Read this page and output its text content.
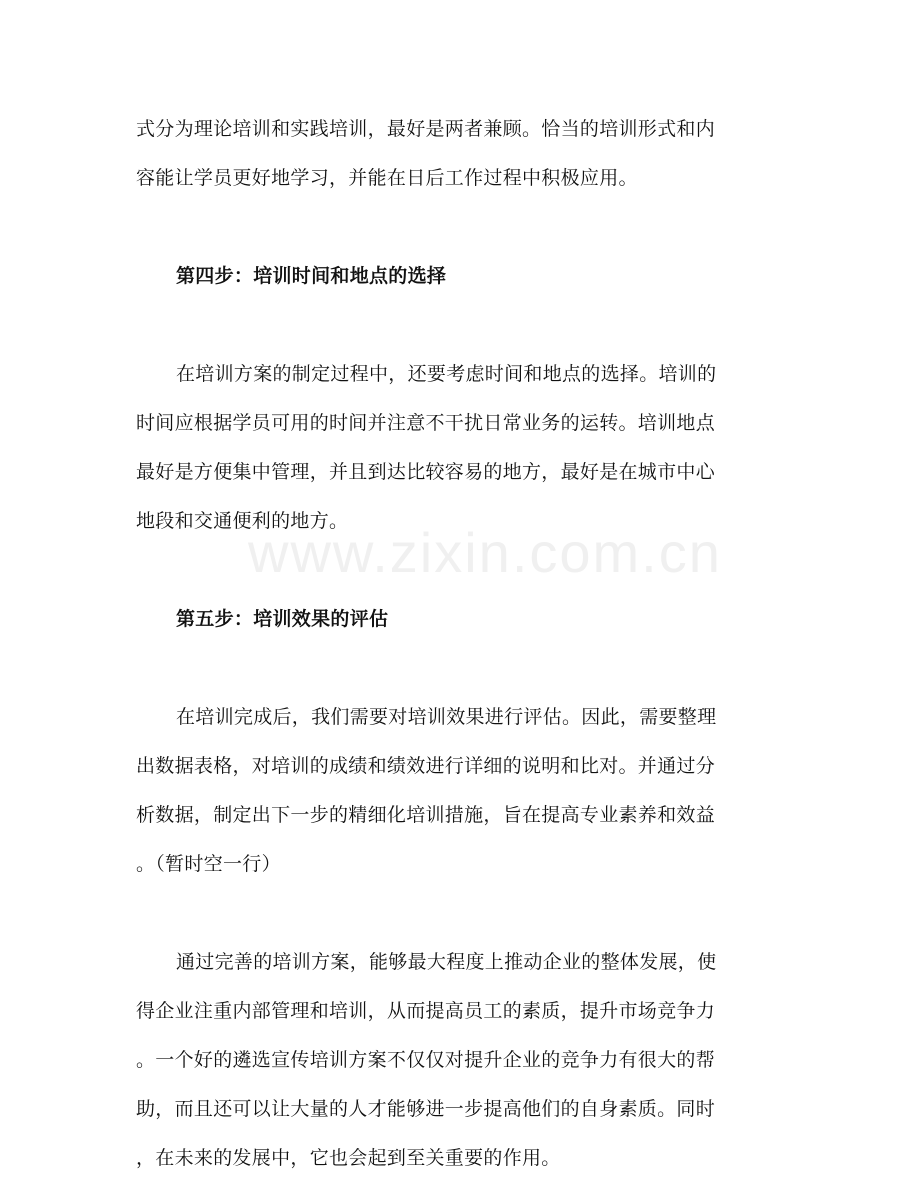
www.zixin.com.cn
式分为理论培训和实践培训，最好是两者兼顾。恰当的培训形式和内
容能让学员更好地学习，并能在日后工作过程中积极应用。
第四步：培训时间和地点的选择
在培训方案的制定过程中，还要考虑时间和地点的选择。培训的
时间应根据学员可用的时间并注意不干扰日常业务的运转。培训地点
最好是方便集中管理，并且到达比较容易的地方，最好是在城市中心
地段和交通便利的地方。
第五步：培训效果的评估
在培训完成后，我们需要对培训效果进行评估。因此，需要整理
出数据表格，对培训的成绩和绩效进行详细的说明和比对。并通过分
析数据，制定出下一步的精细化培训措施，旨在提高专业素养和效益
。（暂时空一行）
通过完善的培训方案，能够最大程度上推动企业的整体发展，使
得企业注重内部管理和培训，从而提高员工的素质，提升市场竞争力
。一个好的遴选宣传培训方案不仅仅对提升企业的竞争力有很大的帮
助，而且还可以让大量的人才能够进一步提高他们的自身素质。同时
，在未来的发展中，它也会起到至关重要的作用。
